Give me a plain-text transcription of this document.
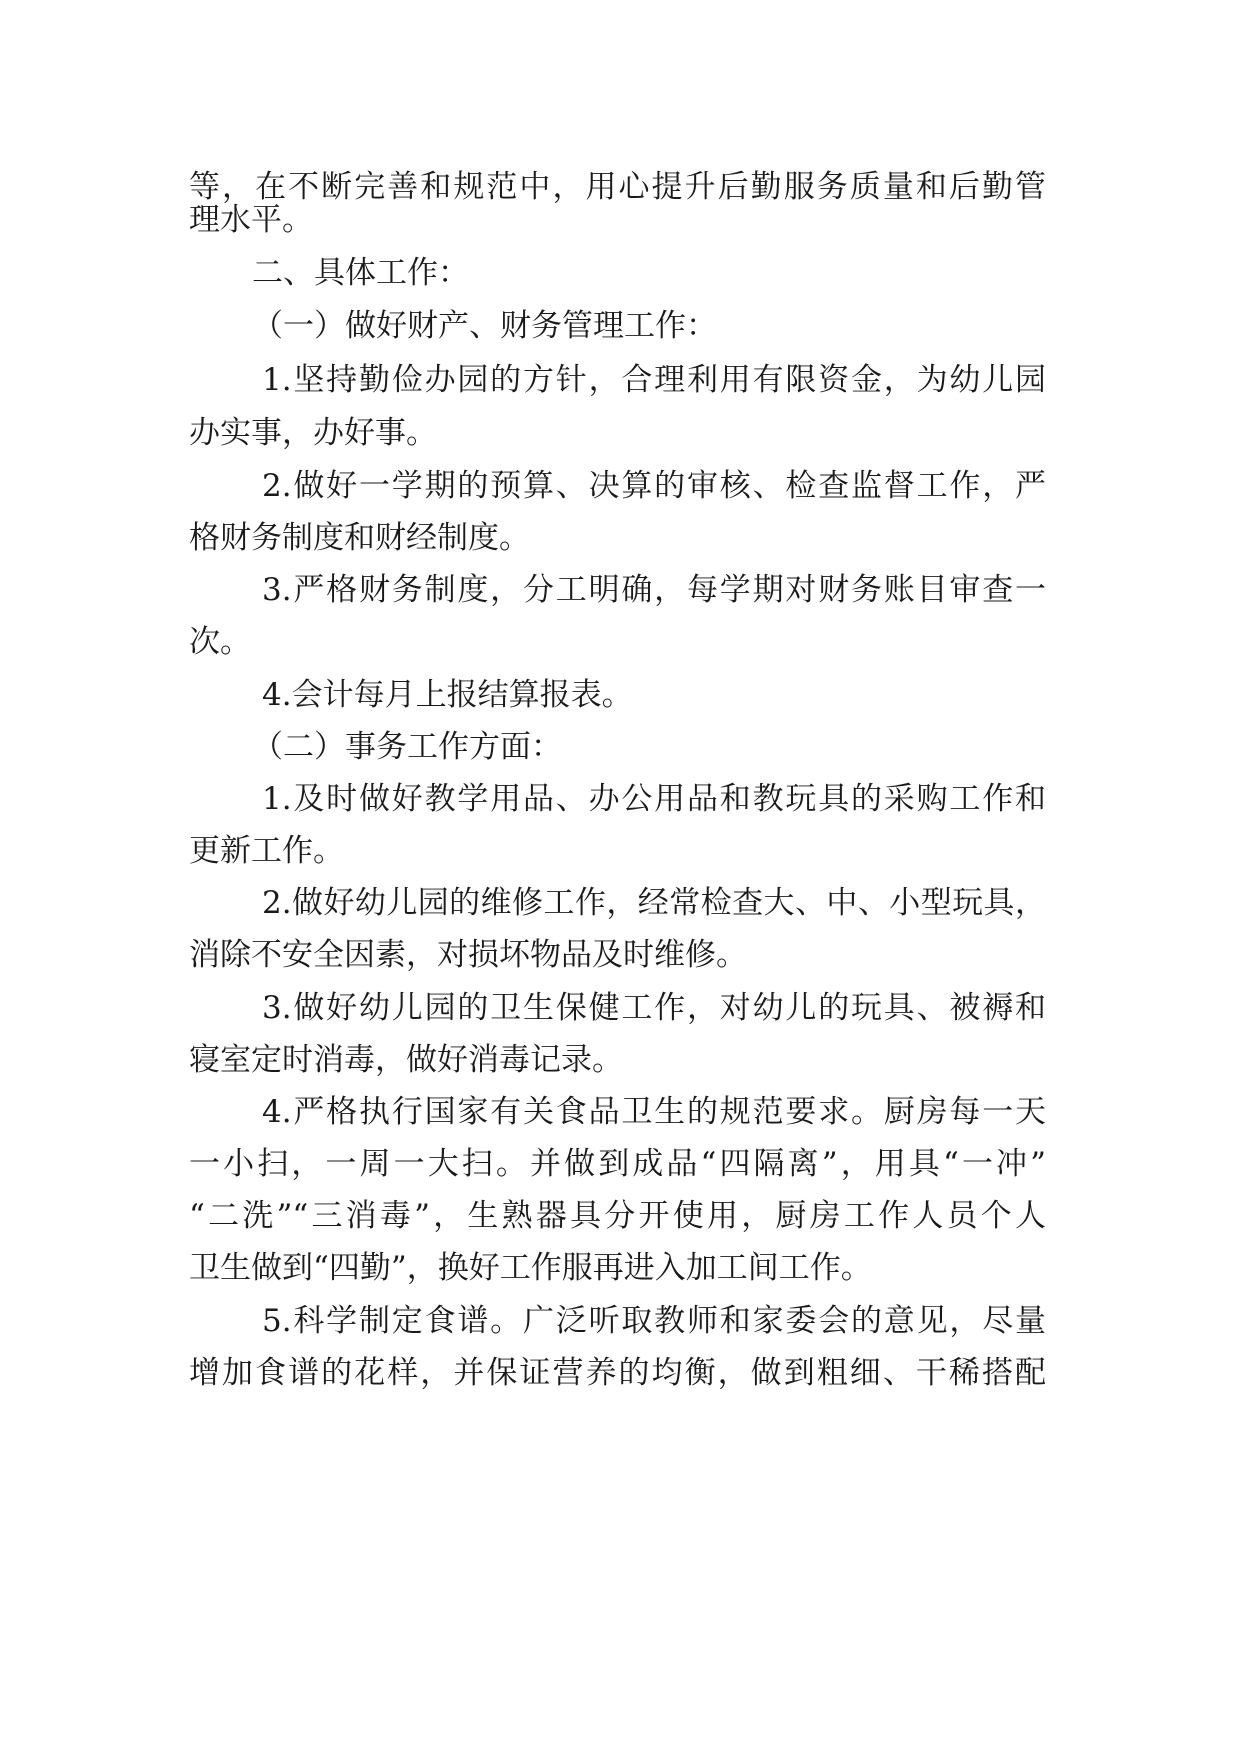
等，在不断完善和规范中，用心提升后勤服务质量和后勤管
理水平。
二、具体工作：
（一）做好财产、财务管理工作：
1.坚持勤俭办园的方针，合理利用有限资金，为幼儿园
办实事，办好事。
2.做好一学期的预算、决算的审核、检查监督工作，严
格财务制度和财经制度。
3.严格财务制度，分工明确，每学期对财务账目审查一
次。
4.会计每月上报结算报表。
（二）事务工作方面：
1.及时做好教学用品、办公用品和教玩具的采购工作和
更新工作。
2.做好幼儿园的维修工作，经常检查大、中、小型玩具，
消除不安全因素，对损坏物品及时维修。
3.做好幼儿园的卫生保健工作，对幼儿的玩具、被褥和
寝室定时消毒，做好消毒记录。
4.严格执行国家有关食品卫生的规范要求。厨房每一天
一小扫，一周一大扫。并做到成品“四隔离”，用具“一冲”
“二洗”“三消毒”，生熟器具分开使用，厨房工作人员个人
卫生做到“四勤”，换好工作服再进入加工间工作。
5.科学制定食谱。广泛听取教师和家委会的意见，尽量
增加食谱的花样，并保证营养的均衡，做到粗细、干稀搭配
